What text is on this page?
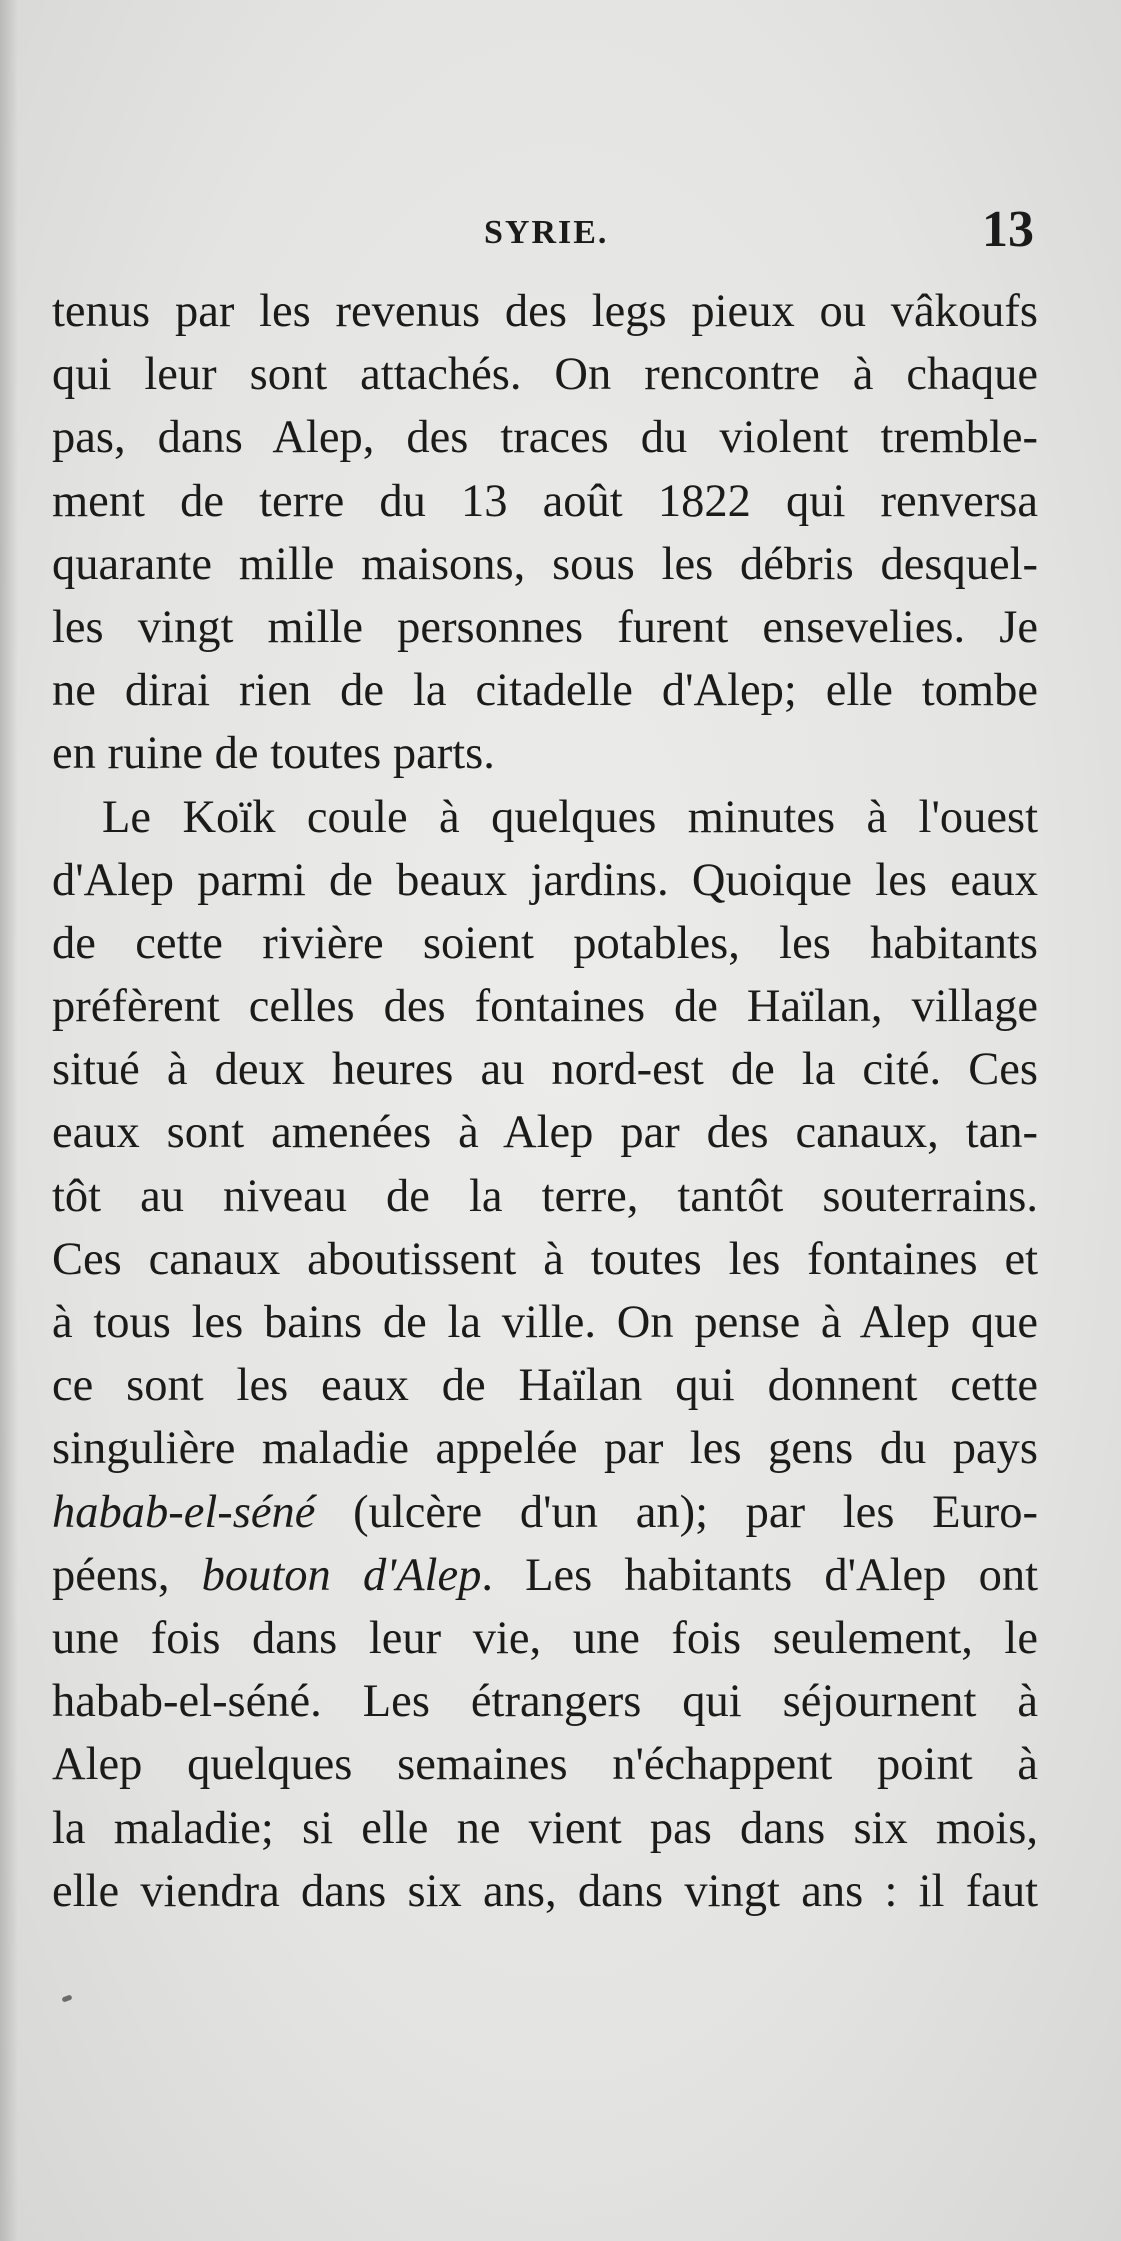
SYRIE.	13
tenus par les revenus des legs pieux ou vâkoufs
qui leur sont attachés. On rencontre à chaque
pas, dans Alep, des traces du violent tremble-
ment de terre du 13 août 1822 qui renversa
quarante mille maisons, sous les débris desquel-
les vingt mille personnes furent ensevelies. Je
ne dirai rien de la citadelle d'Alep; elle tombe
en ruine de toutes parts.
Le Koïk coule à quelques minutes à l'ouest
d'Alep parmi de beaux jardins. Quoique les eaux
de cette rivière soient potables, les habitants
préfèrent celles des fontaines de Haïlan, village
situé à deux heures au nord-est de la cité. Ces
eaux sont amenées à Alep par des canaux, tan-
tôt au niveau de la terre, tantôt souterrains.
Ces canaux aboutissent à toutes les fontaines et
à tous les bains de la ville. On pense à Alep que
ce sont les eaux de Haïlan qui donnent cette
singulière maladie appelée par les gens du pays
habab-el-séné (ulcère d'un an); par les Euro-
péens, bouton d'Alep. Les habitants d'Alep ont
une fois dans leur vie, une fois seulement, le
habab-el-séné. Les étrangers qui séjournent à
Alep quelques semaines n'échappent point à
la maladie; si elle ne vient pas dans six mois,
elle viendra dans six ans, dans vingt ans : il faut
